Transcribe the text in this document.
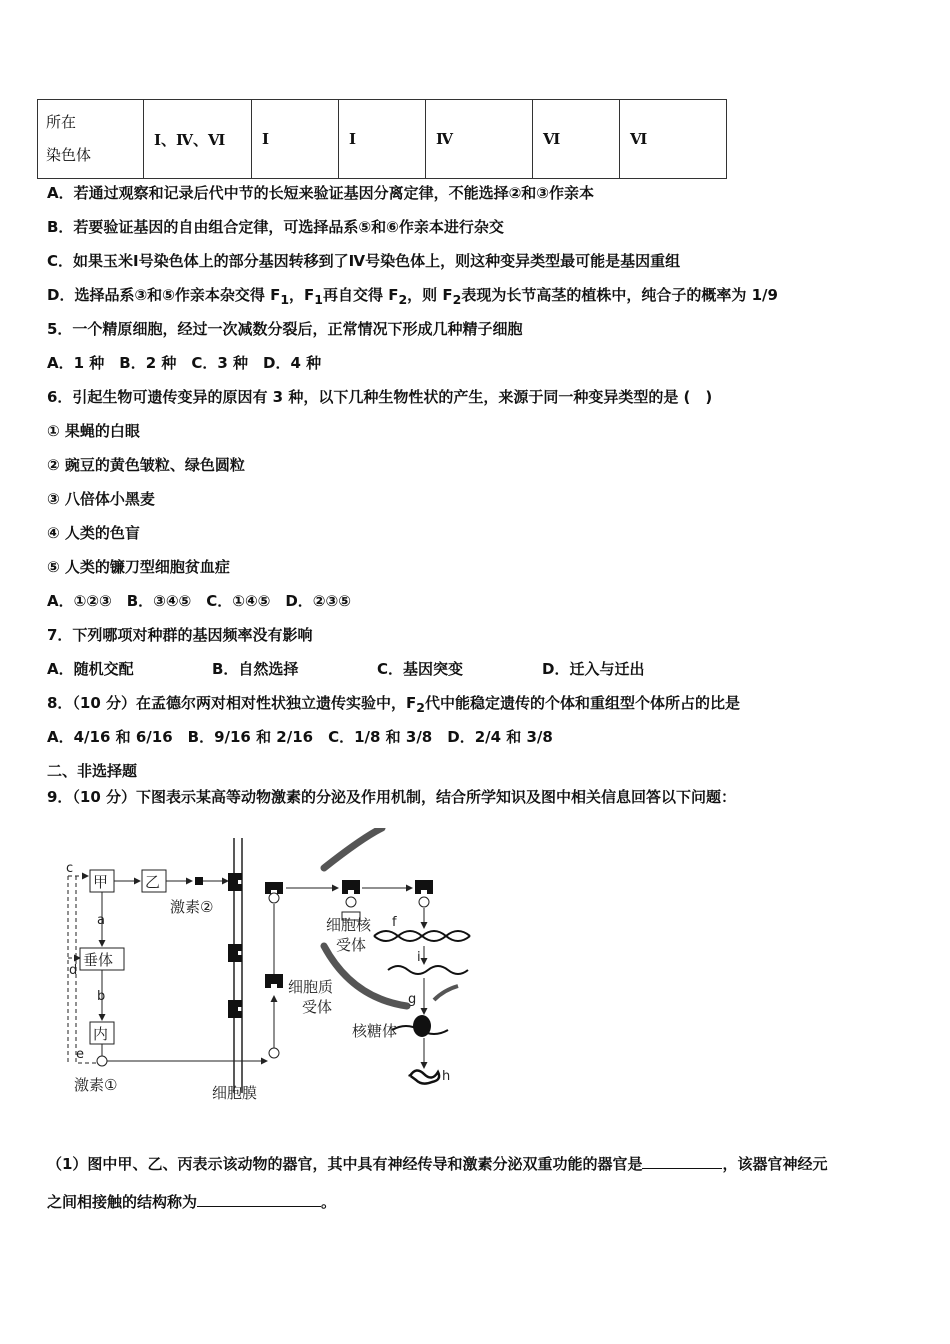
所在
染色体
	Ⅰ、Ⅳ、Ⅵ	Ⅰ	Ⅰ	Ⅳ	Ⅵ	Ⅵ
A．若通过观察和记录后代中节的长短来验证基因分离定律，不能选择②和③作亲本
B．若要验证基因的自由组合定律，可选择品系⑤和⑥作亲本进行杂交
C．如果玉米Ⅰ号染色体上的部分基因转移到了Ⅳ号染色体上，则这种变异类型最可能是基因重组
D．选择品系③和⑤作亲本杂交得 $F_1$，$F_1$再自交得 $F_2$，则 $F_2$表现为长节高茎的植株中，纯合子的概率为 1/9
5．一个精原细胞，经过一次减数分裂后，正常情况下形成几种精子细胞
A．1 种　B．2 种　C．3 种　D．4 种
6．引起生物可遗传变异的原因有 3 种，以下几种生物性状的产生，来源于同一种变异类型的是 (　)
① 果蝇的白眼
② 豌豆的黄色皱粒、绿色圆粒
③ 八倍体小黑麦
④ 人类的色盲
⑤ 人类的镰刀型细胞贫血症
A．①②③　B．③④⑤　C．①④⑤　D．②③⑤
7．下列哪项对种群的基因频率没有影响
A．随机交配	B．自然选择	C．基因突变	D．迁入与迁出
8．（10 分）在孟德尔两对相对性状独立遗传实验中，$F_2$代中能稳定遗传的个体和重组型个体所占的比是
A．4/16 和 6/16　B．9/16 和 2/16　C．1/8 和 3/8　D．2/4 和 3/8
二、非选择题
9．（10 分）下图表示某高等动物激素的分泌及作用机制，结合所学知识及图中相关信息回答以下问题：
c
d
e
甲 乙
激素②
a
垂体
b
内
激素①	细胞膜
细胞质
受体
细胞核
受体
f
i
g
核糖体
h
（1）图中甲、乙、丙表示该动物的器官，其中具有神经传导和激素分泌双重功能的器官是	，该器官神经元
之间相接触的结构称为	。
